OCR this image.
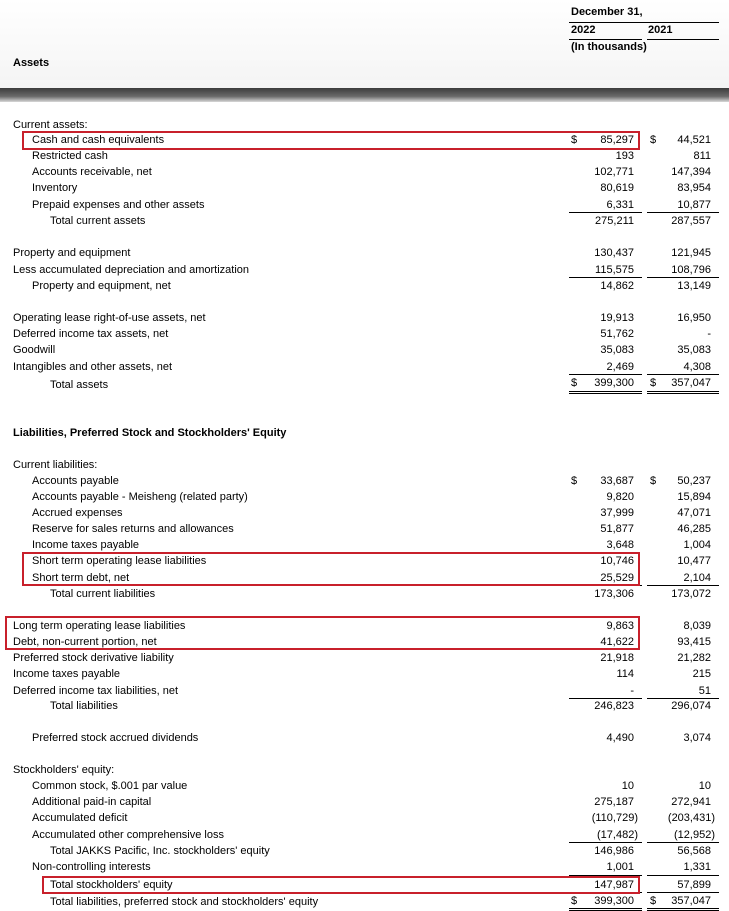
December 31,
2022	2021
(In thousands)
Assets
Current assets:
Cash and cash equivalents	$ 85,297 $ 44,521
Restricted cash	193	811
Accounts receivable, net	102,771	147,394
Inventory	80,619	83,954
Prepaid expenses and other assets	6,331	10,877
Total current assets	275,211	287,557
Property and equipment	130,437	121,945
Less accumulated depreciation and amortization	115,575	108,796
Property and equipment, net	14,862	13,149
Operating lease right-of-use assets, net	19,913	16,950
Deferred income tax assets, net	51,762	-
Goodwill	35,083	35,083
Intangibles and other assets, net	2,469	4,308
Total assets	$ 399,300 $ 357,047
Liabilities, Preferred Stock and Stockholders' Equity
Current liabilities:
Accounts payable	$ 33,687 $ 50,237
Accounts payable - Meisheng (related party)	9,820	15,894
Accrued expenses	37,999	47,071
Reserve for sales returns and allowances	51,877	46,285
Income taxes payable	3,648	1,004
Short term operating lease liabilities	10,746	10,477
Short term debt, net	25,529	2,104
Total current liabilities	173,306	173,072
Long term operating lease liabilities	9,863	8,039
Debt, non-current portion, net	41,622	93,415
Preferred stock derivative liability	21,918	21,282
Income taxes payable	114	215
Deferred income tax liabilities, net	-	51
Total liabilities	246,823	296,074
Preferred stock accrued dividends	4,490	3,074
Stockholders' equity:
Common stock, $.001 par value	10	10
Additional paid-in capital	275,187	272,941
Accumulated deficit	(110,729)	(203,431)
Accumulated other comprehensive loss	(17,482)	(12,952)
Total JAKKS Pacific, Inc. stockholders' equity	146,986	56,568
Non-controlling interests	1,001	1,331
Total stockholders' equity	147,987	57,899
Total liabilities, preferred stock and stockholders' equity	$ 399,300 $ 357,047
